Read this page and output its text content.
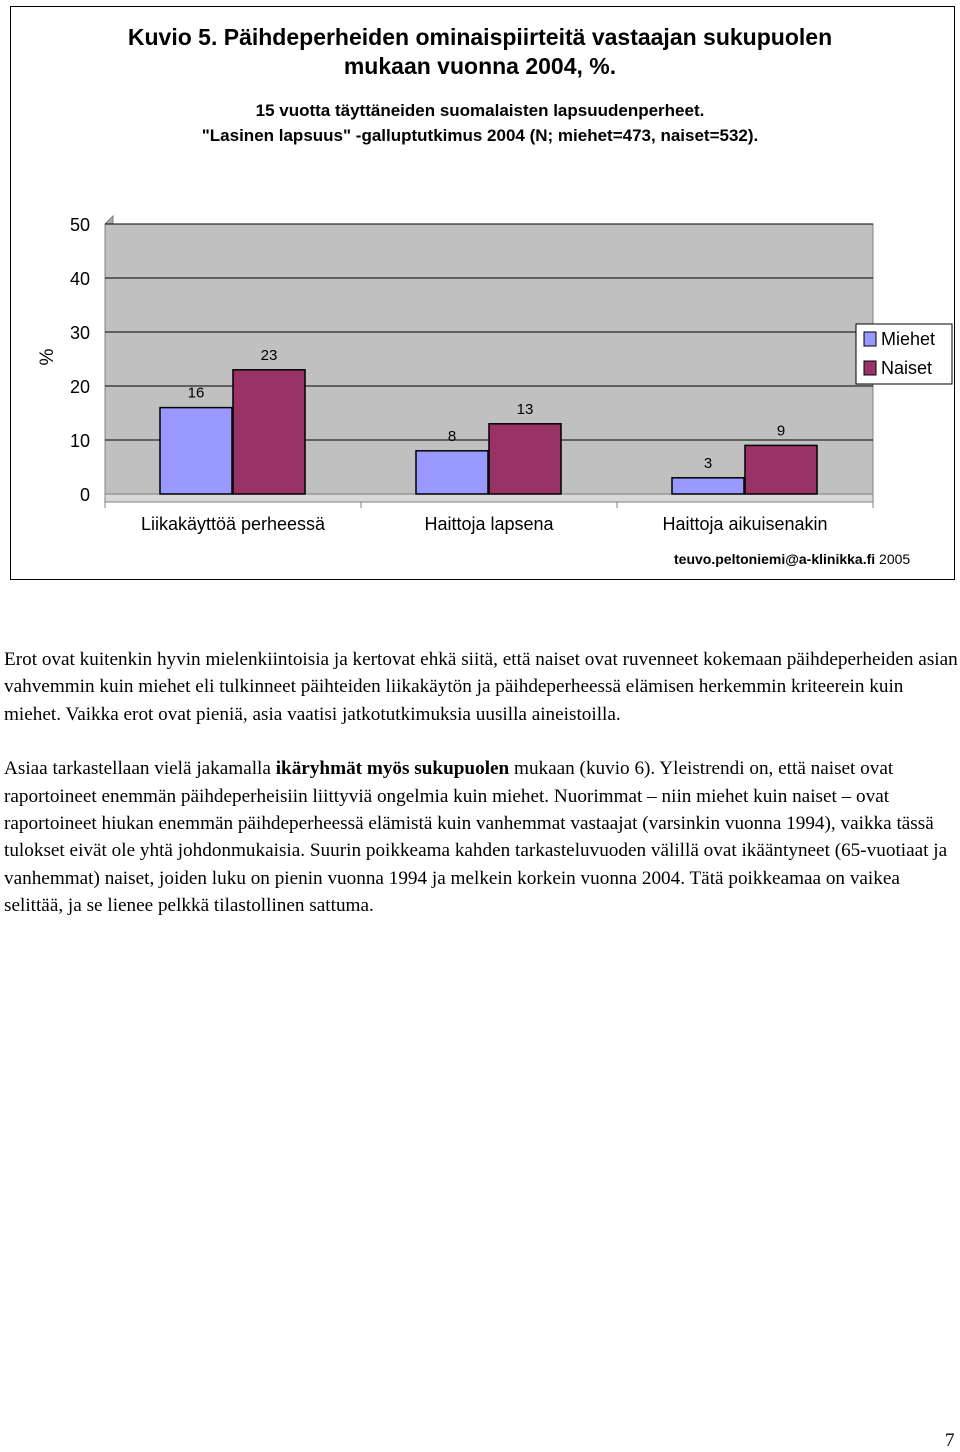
Kuvio 5. Päihdeperheiden ominaispiirteitä vastaajan sukupuolen
mukaan vuonna 2004, %.
15 vuotta täyttäneiden suomalaisten lapsuudenperheet.
"Lasinen lapsuus" -galluptutkimus 2004 (N; miehet=473, naiset=532).
0
10
20
30
40
50
%
16
23
Liikakäyttöä perheessä
8
13
Haittoja lapsena
3
9
Haittoja aikuisenakin
Miehet
Naiset
teuvo.peltoniemi@a-klinikka.fi 2005

Erot ovat kuitenkin hyvin mielenkiintoisia ja kertovat ehkä siitä, että naiset ovat ruvenneet kokemaan päihdeperheiden asian vahvemmin kuin miehet eli tulkinneet päihteiden liikakäytön ja päihdeperheessä elämisen herkemmin kriteerein kuin miehet. Vaikka erot ovat pieniä, asia vaatisi jatkotutkimuksia uusilla aineistoilla.

Asiaa tarkastellaan vielä jakamalla ikäryhmät myös sukupuolen mukaan (kuvio 6). Yleistrendi on, että naiset ovat raportoineet enemmän päihdeperheisiin liittyviä ongelmia kuin miehet. Nuorimmat – niin miehet kuin naiset – ovat raportoineet hiukan enemmän päihdeperheessä elämistä kuin vanhemmat vastaajat (varsinkin vuonna 1994), vaikka tässä tulokset eivät ole yhtä johdonmukaisia. Suurin poikkeama kahden tarkasteluvuoden välillä ovat ikääntyneet (65-vuotiaat ja vanhemmat) naiset, joiden luku on pienin vuonna 1994 ja melkein korkein vuonna 2004. Tätä poikkeamaa on vaikea selittää, ja se lienee pelkkä tilastollinen sattuma.

7
